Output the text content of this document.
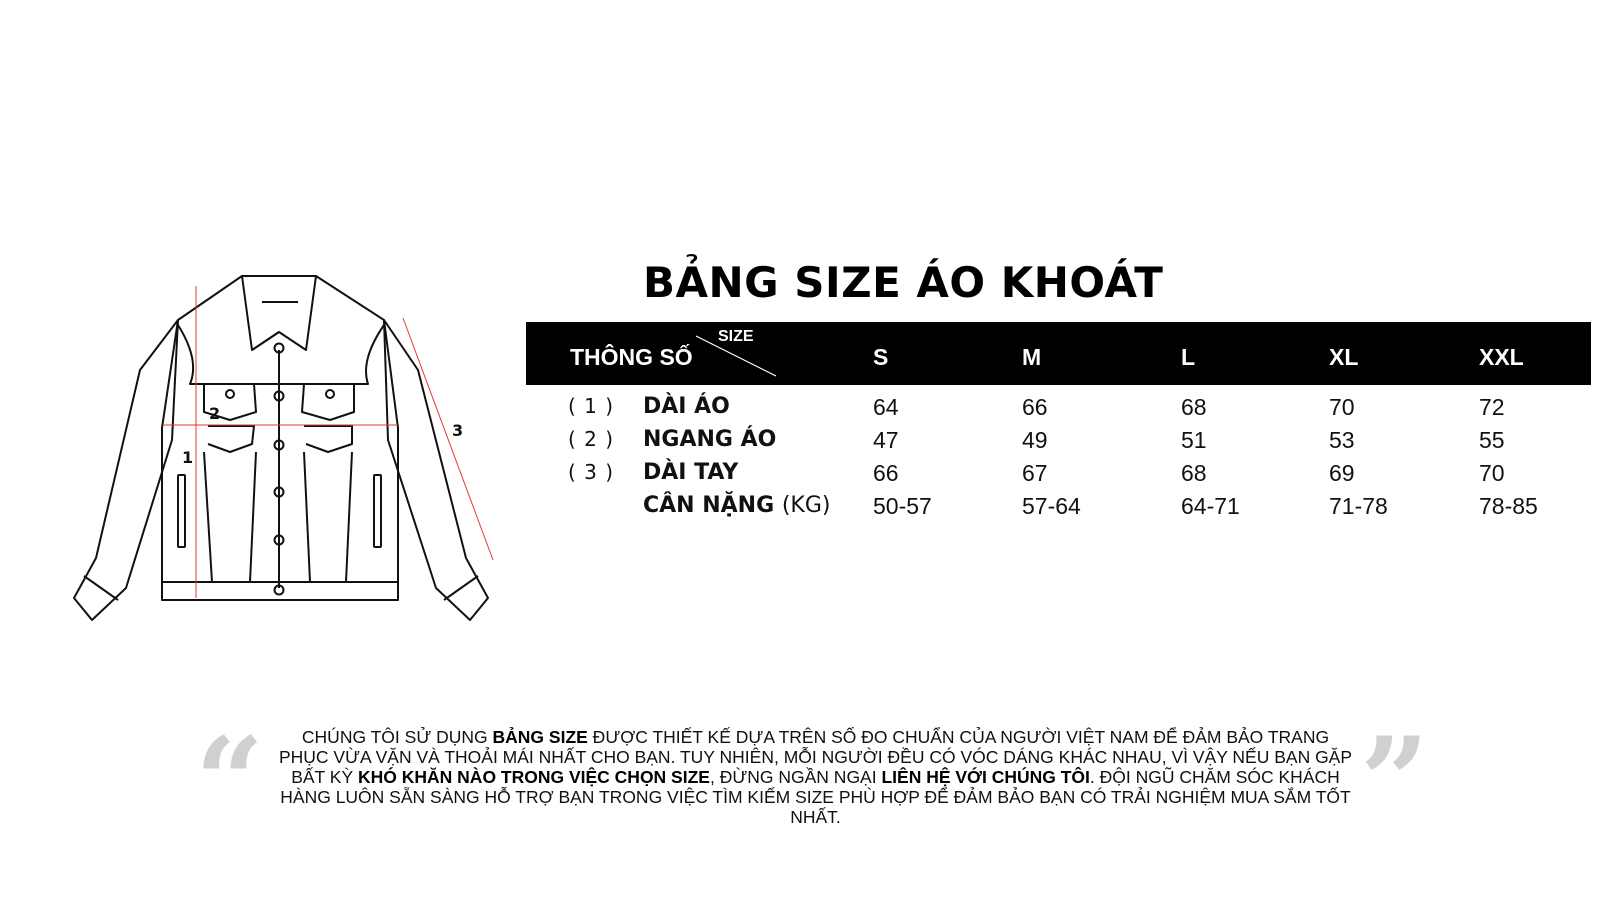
1
2
3
BẢNG SIZE ÁO KHOÁT
THÔNG SỐ
SIZE
S	M	L	XL	XXL
( 1 ) DÀI ÁO	64	66	68	70	72
( 2 ) NGANG ÁO	47	49	51	53	55
( 3 ) DÀI TAY	66	67	68	69	70
CÂN NẶNG (KG) 50-57	57-64	64-71	71-78	78-85
“	”
CHÚNG TÔI SỬ DỤNG BẢNG SIZE ĐƯỢC THIẾT KẾ DỰA TRÊN SỐ ĐO CHUẨN CỦA NGƯỜI VIỆT NAM ĐỂ ĐẢM BẢO TRANG PHỤC VỪA VẶN VÀ THOẢI MÁI NHẤT CHO BẠN. TUY NHIÊN, MỖI NGƯỜI ĐỀU CÓ VÓC DÁNG KHÁC NHAU, VÌ VẬY NẾU BẠN GẶP BẤT KỲ KHÓ KHĂN NÀO TRONG VIỆC CHỌN SIZE, ĐỪNG NGẦN NGẠI LIÊN HỆ VỚI CHÚNG TÔI. ĐỘI NGŨ CHĂM SÓC KHÁCH HÀNG LUÔN SẴN SÀNG HỖ TRỢ BẠN TRONG VIỆC TÌM KIẾM SIZE PHÙ HỢP ĐỂ ĐẢM BẢO BẠN CÓ TRẢI NGHIỆM MUA SẮM TỐT NHẤT.
